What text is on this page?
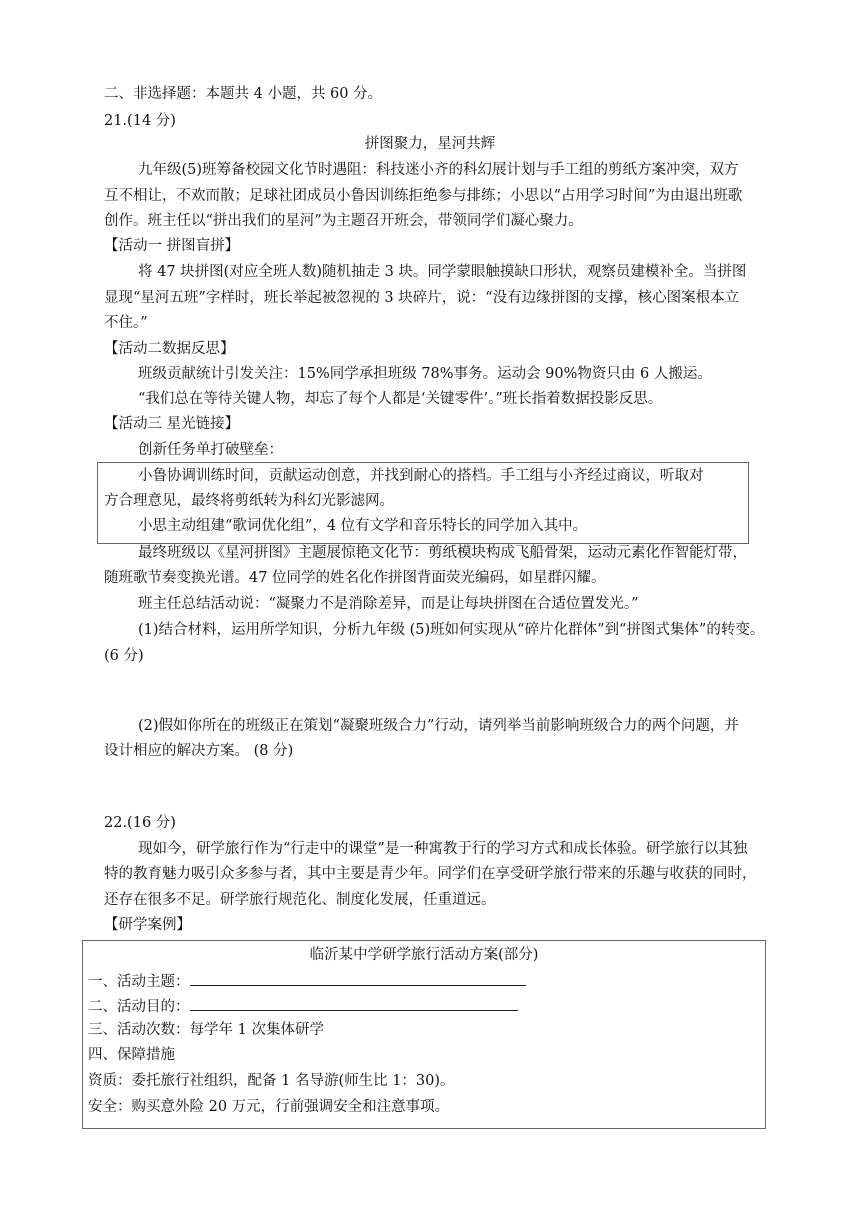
二、非选择题：本题共 4 小题，共 60 分。
21.(14 分)
拼图聚力，星河共辉
九年级(5)班筹备校园文化节时遇阻：科技迷小齐的科幻展计划与手工组的剪纸方案冲突，双方
互不相让，不欢而散；足球社团成员小鲁因训练拒绝参与排练；小思以“占用学习时间”为由退出班歌
创作。班主任以“拼出我们的星河”为主题召开班会，带领同学们凝心聚力。
【活动一 拼图盲拼】
将 47 块拼图(对应全班人数)随机抽走 3 块。同学蒙眼触摸缺口形状，观察员建模补全。当拼图
显现“星河五班”字样时，班长举起被忽视的 3 块碎片，说：“没有边缘拼图的支撑，核心图案根本立
不住。”
【活动二数据反思】
班级贡献统计引发关注：15%同学承担班级 78%事务。运动会 90%物资只由 6 人搬运。
“我们总在等待关键人物，却忘了每个人都是‘关键零件’。”班长指着数据投影反思。
【活动三 星光链接】
创新任务单打破壁垒：
小鲁协调训练时间，贡献运动创意，并找到耐心的搭档。手工组与小齐经过商议，听取对
方合理意见，最终将剪纸转为科幻光影滤网。
小思主动组建“歌词优化组”，4 位有文学和音乐特长的同学加入其中。
最终班级以《星河拼图》主题展惊艳文化节：剪纸模块构成飞船骨架，运动元素化作智能灯带，
随班歌节奏变换光谱。47 位同学的姓名化作拼图背面荧光编码，如星群闪耀。
班主任总结活动说：“凝聚力不是消除差异，而是让每块拼图在合适位置发光。”
(1)结合材料，运用所学知识，分析九年级 (5)班如何实现从“碎片化群体”到“拼图式集体”的转变。
(6 分)
(2)假如你所在的班级正在策划“凝聚班级合力”行动，请列举当前影响班级合力的两个问题，并
设计相应的解决方案。 (8 分)
22.(16 分)
现如今，研学旅行作为“行走中的课堂”是一种寓教于行的学习方式和成长体验。研学旅行以其独
特的教育魅力吸引众多参与者，其中主要是青少年。同学们在享受研学旅行带来的乐趣与收获的同时，
还存在很多不足。研学旅行规范化、制度化发展，任重道远。
【研学案例】
临沂某中学研学旅行活动方案(部分)
一、活动主题：
二、活动目的：
三、活动次数：每学年 1 次集体研学
四、保障措施
资质：委托旅行社组织，配备 1 名导游(师生比 1：30)。
安全：购买意外险 20 万元，行前强调安全和注意事项。
